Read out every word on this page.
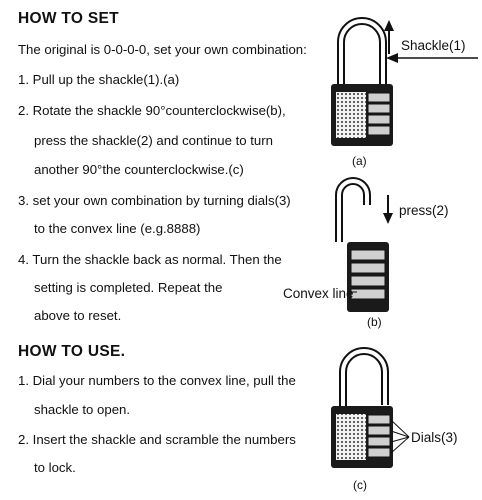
HOW TO SET
The original is 0-0-0-0, set your own combination:
1. Pull up the shackle(1).(a)
2. Rotate the shackle 90°counterclockwise(b),
press the shackle(2) and continue to turn
another 90°the counterclockwise.(c)
3. set your own combination by turning dials(3)
to the convex line (e.g.8888)
4. Turn the shackle back as normal. Then the
setting is completed. Repeat the
above to reset.
HOW TO USE.
1. Dial your numbers to the convex line, pull the
shackle to open.
2. Insert the shackle and scramble the numbers
to lock.
Shackle(1)
(a)
press(2)
Convex line
(b)
Dials(3)
(c)
